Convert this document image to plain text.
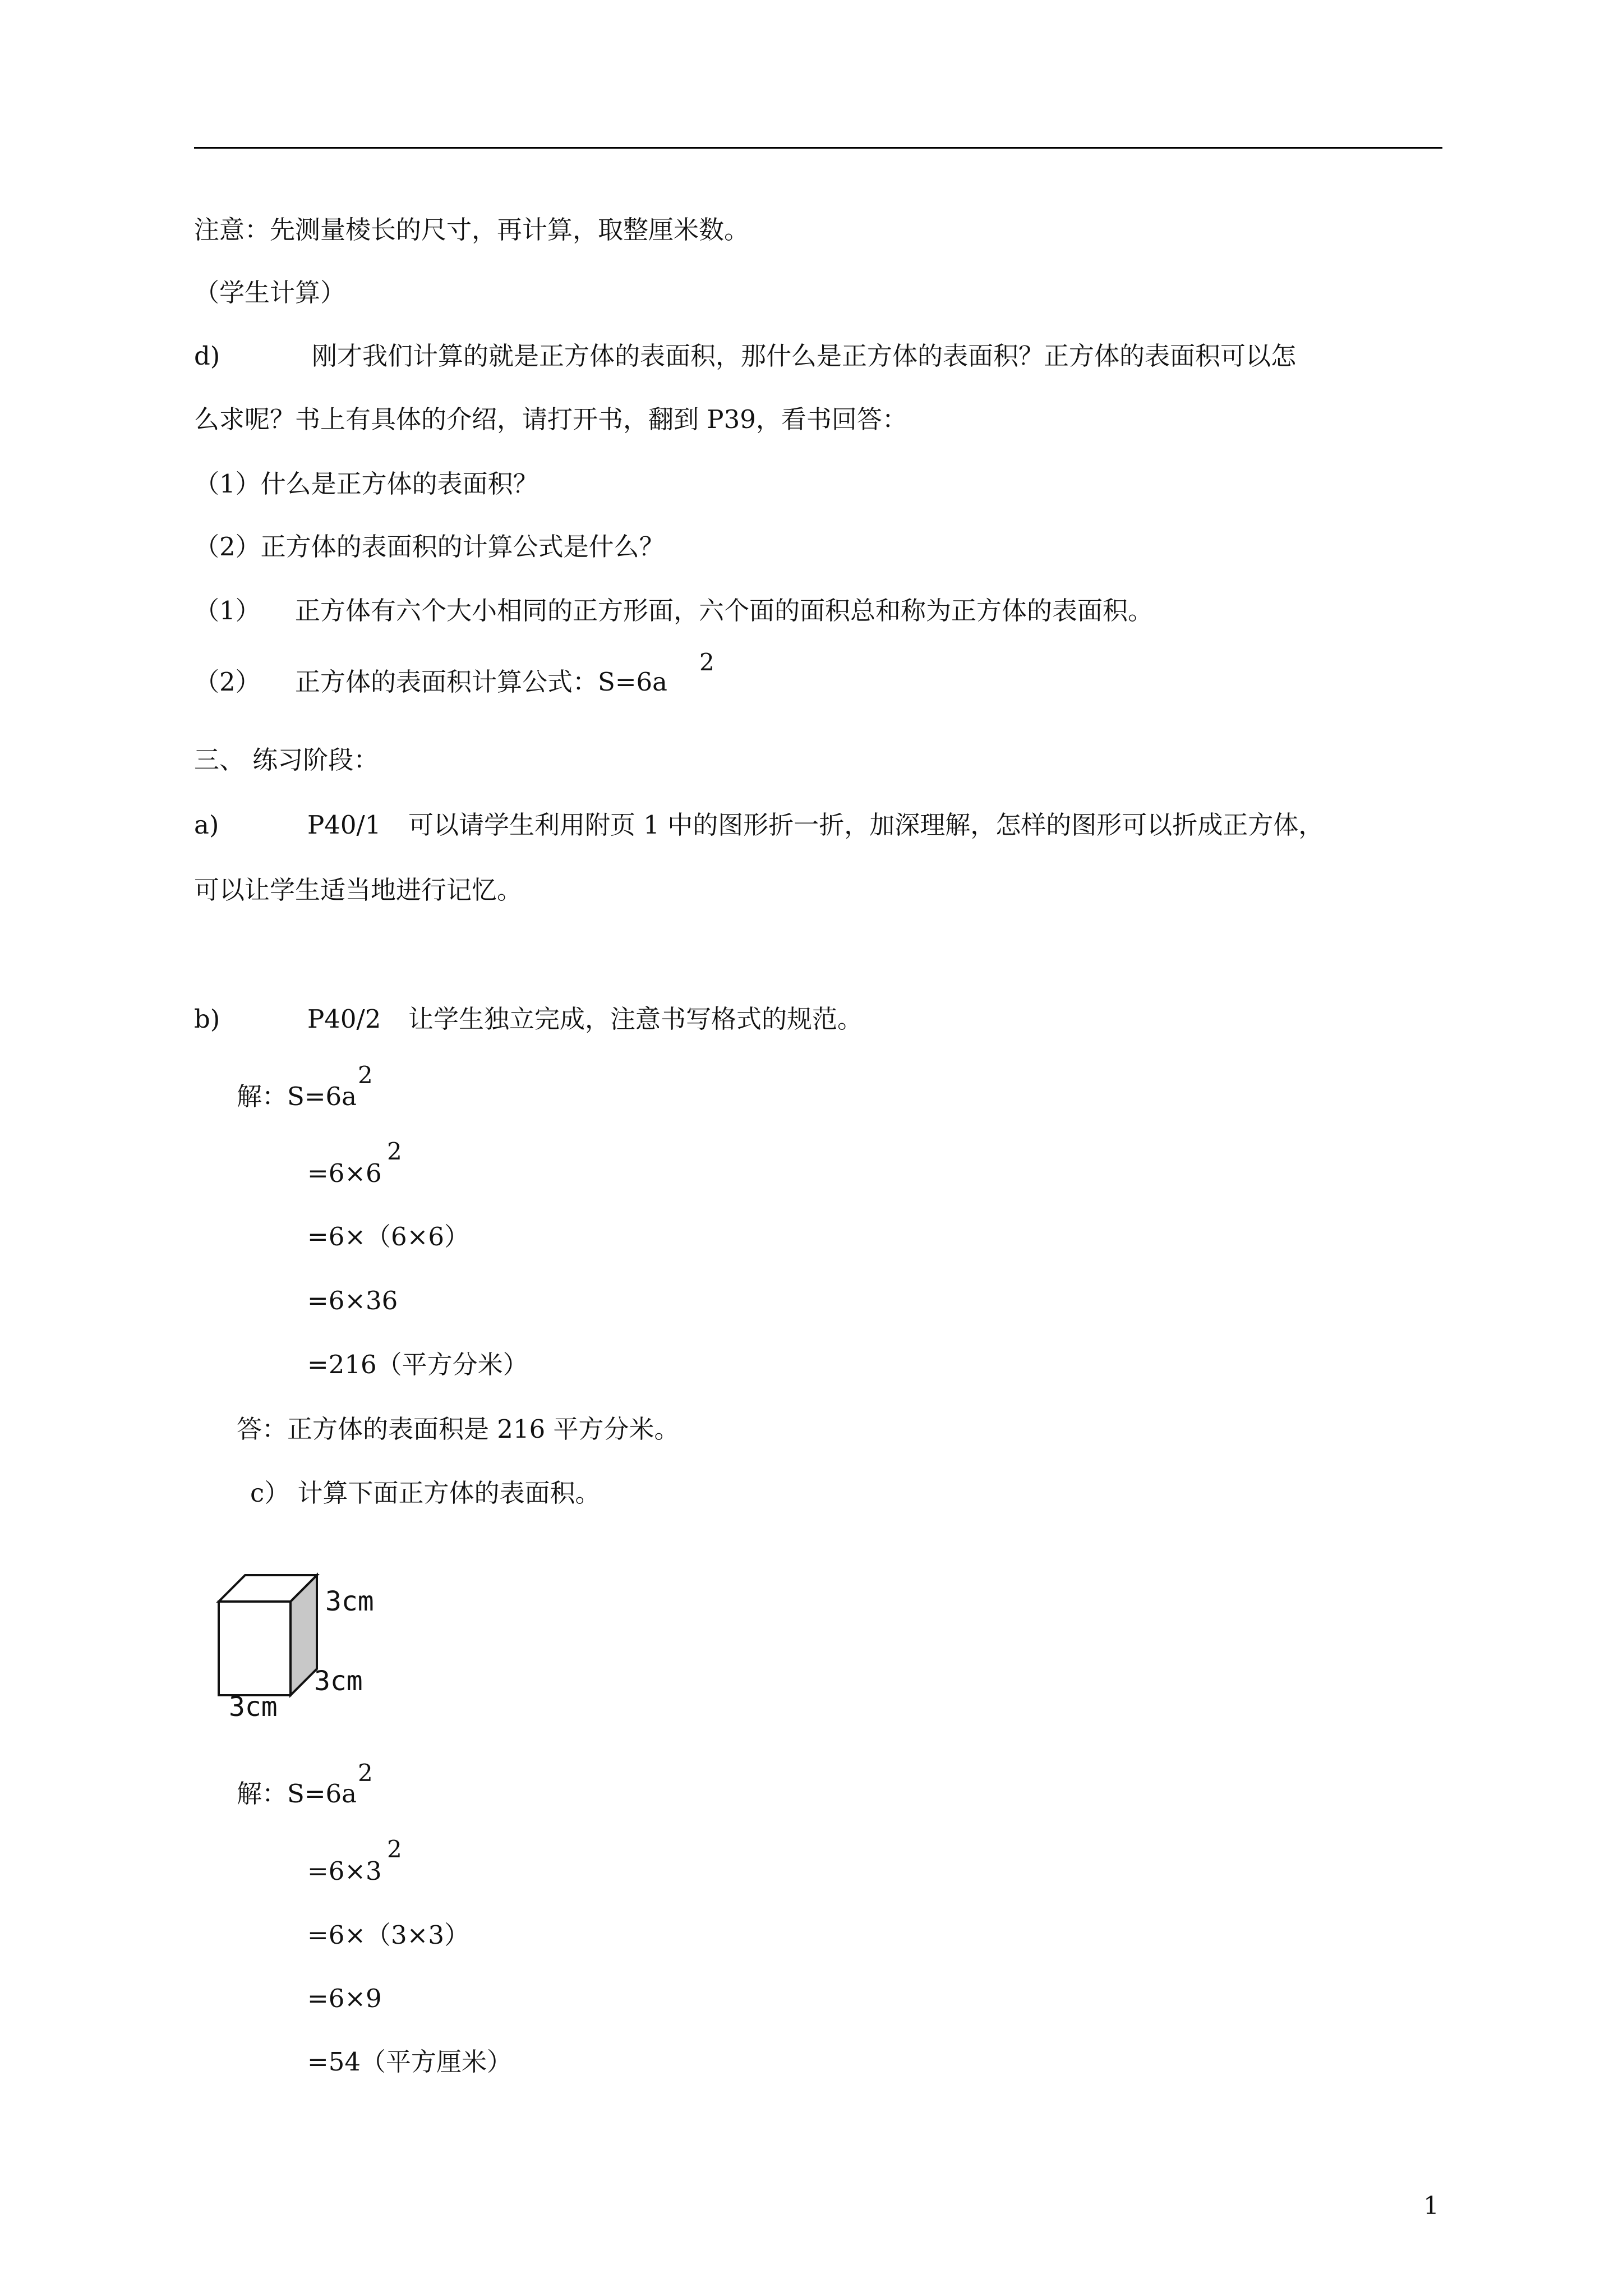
注意：先测量棱长的尺寸，再计算，取整厘米数。
（学生计算）
d)	刚才我们计算的就是正方体的表面积，那什么是正方体的表面积？正方体的表面积可以怎
么求呢？书上有具体的介绍，请打开书，翻到 P39，看书回答：
（1）什么是正方体的表面积？
（2）正方体的表面积的计算公式是什么？
（1） 正方体有六个大小相同的正方形面，六个面的面积总和称为正方体的表面积。
（2） 正方体的表面积计算公式：S=6a
2
三、 练习阶段：
a)	P40/1 可以请学生利用附页 1 中的图形折一折，加深理解，怎样的图形可以折成正方体，
可以让学生适当地进行记忆。
b)	P40/2 让学生独立完成，注意书写格式的规范。
解：S=6a
2
=6×6
2
=6×（6×6）
=6×36
=216（平方分米）
答：正方体的表面积是 216 平方分米。
c） 计算下面正方体的表面积。
3cm
3cm
3cm
解：S=6a
2
=6×3
2
=6×（3×3）
=6×9
=54（平方厘米）
1
